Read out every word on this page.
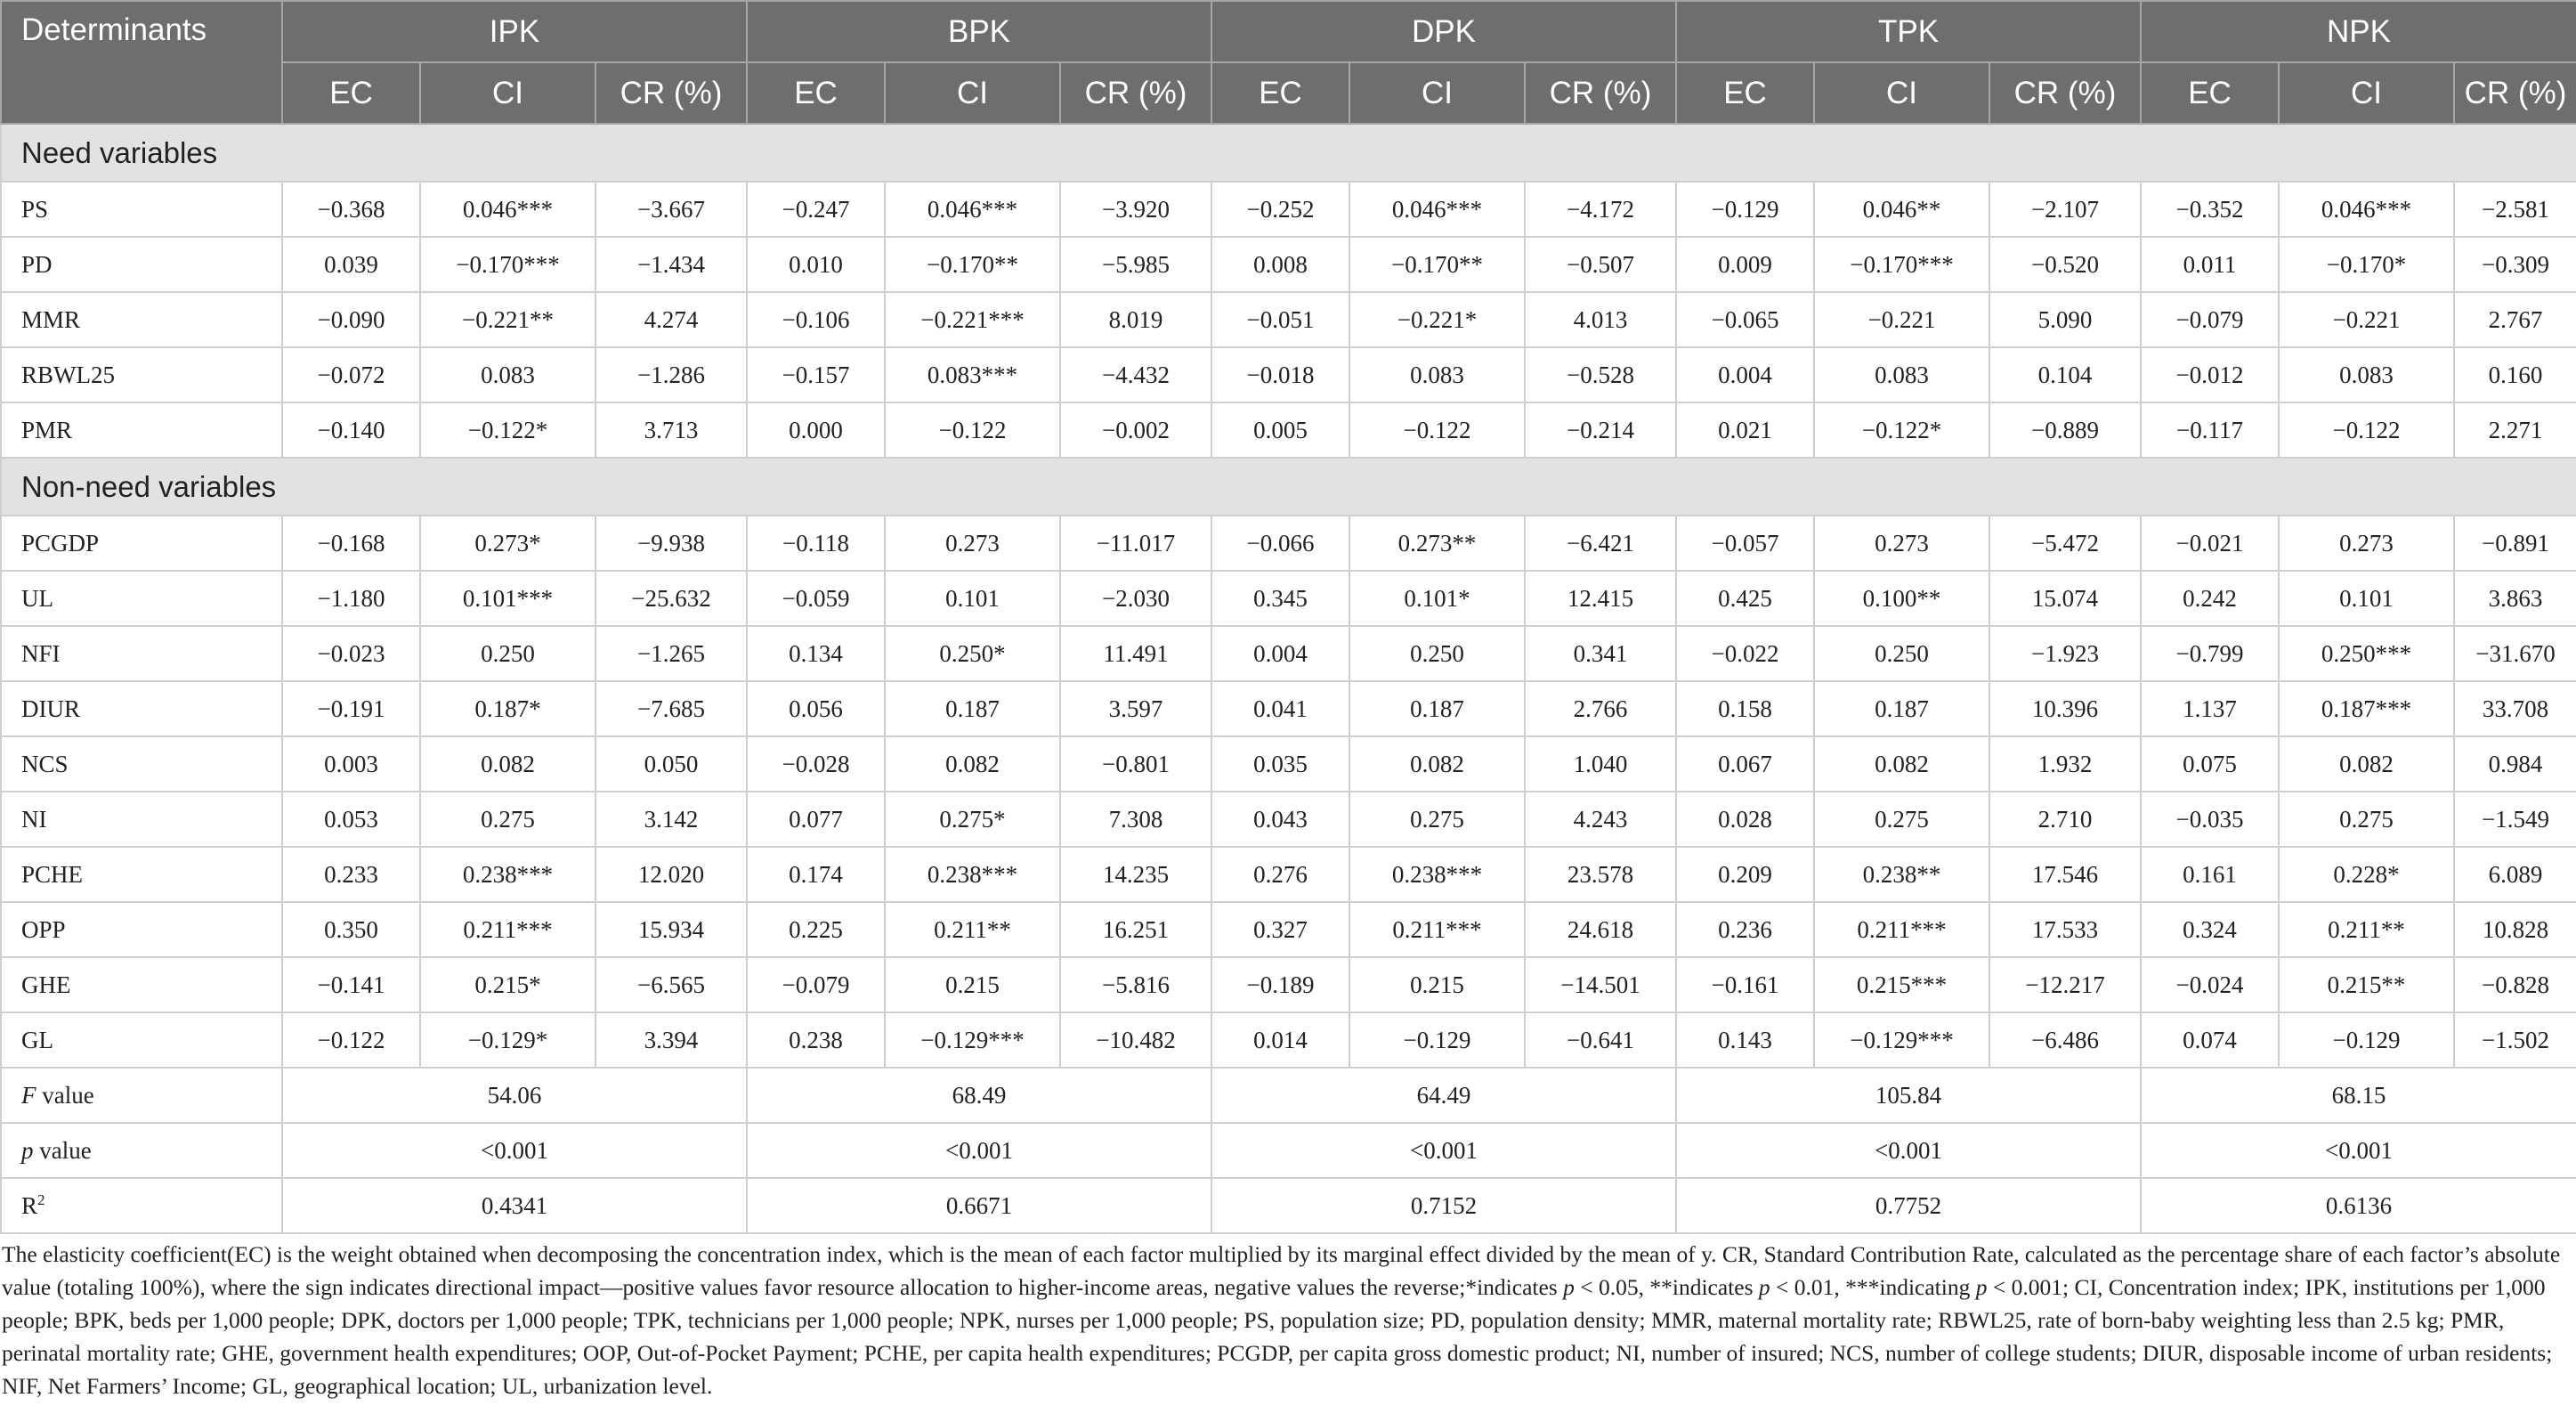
Determinants	IPK			BPK			DPK			TPK			NPK		
	EC	CI	CR (%)	EC	CI	CR (%)	EC	CI	CR (%)	EC	CI	CR (%)	EC	CI	CR (%)
Need variables															
PS	−0.368	0.046***	−3.667	−0.247	0.046***	−3.920	−0.252	0.046***	−4.172	−0.129	0.046**	−2.107	−0.352	0.046***	−2.581
PD	0.039	−0.170***	−1.434	0.010	−0.170**	−5.985	0.008	−0.170**	−0.507	0.009	−0.170***	−0.520	0.011	−0.170*	−0.309
MMR	−0.090	−0.221**	4.274	−0.106	−0.221***	8.019	−0.051	−0.221*	4.013	−0.065	−0.221	5.090	−0.079	−0.221	2.767
RBWL25	−0.072	0.083	−1.286	−0.157	0.083***	−4.432	−0.018	0.083	−0.528	0.004	0.083	0.104	−0.012	0.083	0.160
PMR	−0.140	−0.122*	3.713	0.000	−0.122	−0.002	0.005	−0.122	−0.214	0.021	−0.122*	−0.889	−0.117	−0.122	2.271
Non-need variables															
PCGDP	−0.168	0.273*	−9.938	−0.118	0.273	−11.017	−0.066	0.273**	−6.421	−0.057	0.273	−5.472	−0.021	0.273	−0.891
UL	−1.180	0.101***	−25.632	−0.059	0.101	−2.030	0.345	0.101*	12.415	0.425	0.100**	15.074	0.242	0.101	3.863
NFI	−0.023	0.250	−1.265	0.134	0.250*	11.491	0.004	0.250	0.341	−0.022	0.250	−1.923	−0.799	0.250***	−31.670
DIUR	−0.191	0.187*	−7.685	0.056	0.187	3.597	0.041	0.187	2.766	0.158	0.187	10.396	1.137	0.187***	33.708
NCS	0.003	0.082	0.050	−0.028	0.082	−0.801	0.035	0.082	1.040	0.067	0.082	1.932	0.075	0.082	0.984
NI	0.053	0.275	3.142	0.077	0.275*	7.308	0.043	0.275	4.243	0.028	0.275	2.710	−0.035	0.275	−1.549
PCHE	0.233	0.238***	12.020	0.174	0.238***	14.235	0.276	0.238***	23.578	0.209	0.238**	17.546	0.161	0.228*	6.089
OPP	0.350	0.211***	15.934	0.225	0.211**	16.251	0.327	0.211***	24.618	0.236	0.211***	17.533	0.324	0.211**	10.828
GHE	−0.141	0.215*	−6.565	−0.079	0.215	−5.816	−0.189	0.215	−14.501	−0.161	0.215***	−12.217	−0.024	0.215**	−0.828
GL	−0.122	−0.129*	3.394	0.238	−0.129***	−10.482	0.014	−0.129	−0.641	0.143	−0.129***	−6.486	0.074	−0.129	−1.502
F value	54.06			68.49			64.49			105.84			68.15		
p value	<0.001			<0.001			<0.001			<0.001			<0.001		
$R^2$	0.4341			0.6671			0.7152			0.7752			0.6136		
The elasticity coefficient(EC) is the weight obtained when decomposing the concentration index, which is the mean of each factor multiplied by its marginal effect divided by the mean of y. CR, Standard Contribution Rate, calculated as the percentage share of each factor’s absolute value (totaling 100%), where the sign indicates directional impact—positive values favor resource allocation to higher-income areas, negative values the reverse;*indicates p < 0.05, **indicates p < 0.01, ***indicating p < 0.001; CI, Concentration index; IPK, institutions per 1,000 people; BPK, beds per 1,000 people; DPK, doctors per 1,000 people; TPK, technicians per 1,000 people; NPK, nurses per 1,000 people; PS, population size; PD, population density; MMR, maternal mortality rate; RBWL25, rate of born-baby weighting less than 2.5 kg; PMR, perinatal mortality rate; GHE, government health expenditures; OOP, Out-of-Pocket Payment; PCHE, per capita health expenditures; PCGDP, per capita gross domestic product; NI, number of insured; NCS, number of college students; DIUR, disposable income of urban residents; NIF, Net Farmers’ Income; GL, geographical location; UL, urbanization level.
